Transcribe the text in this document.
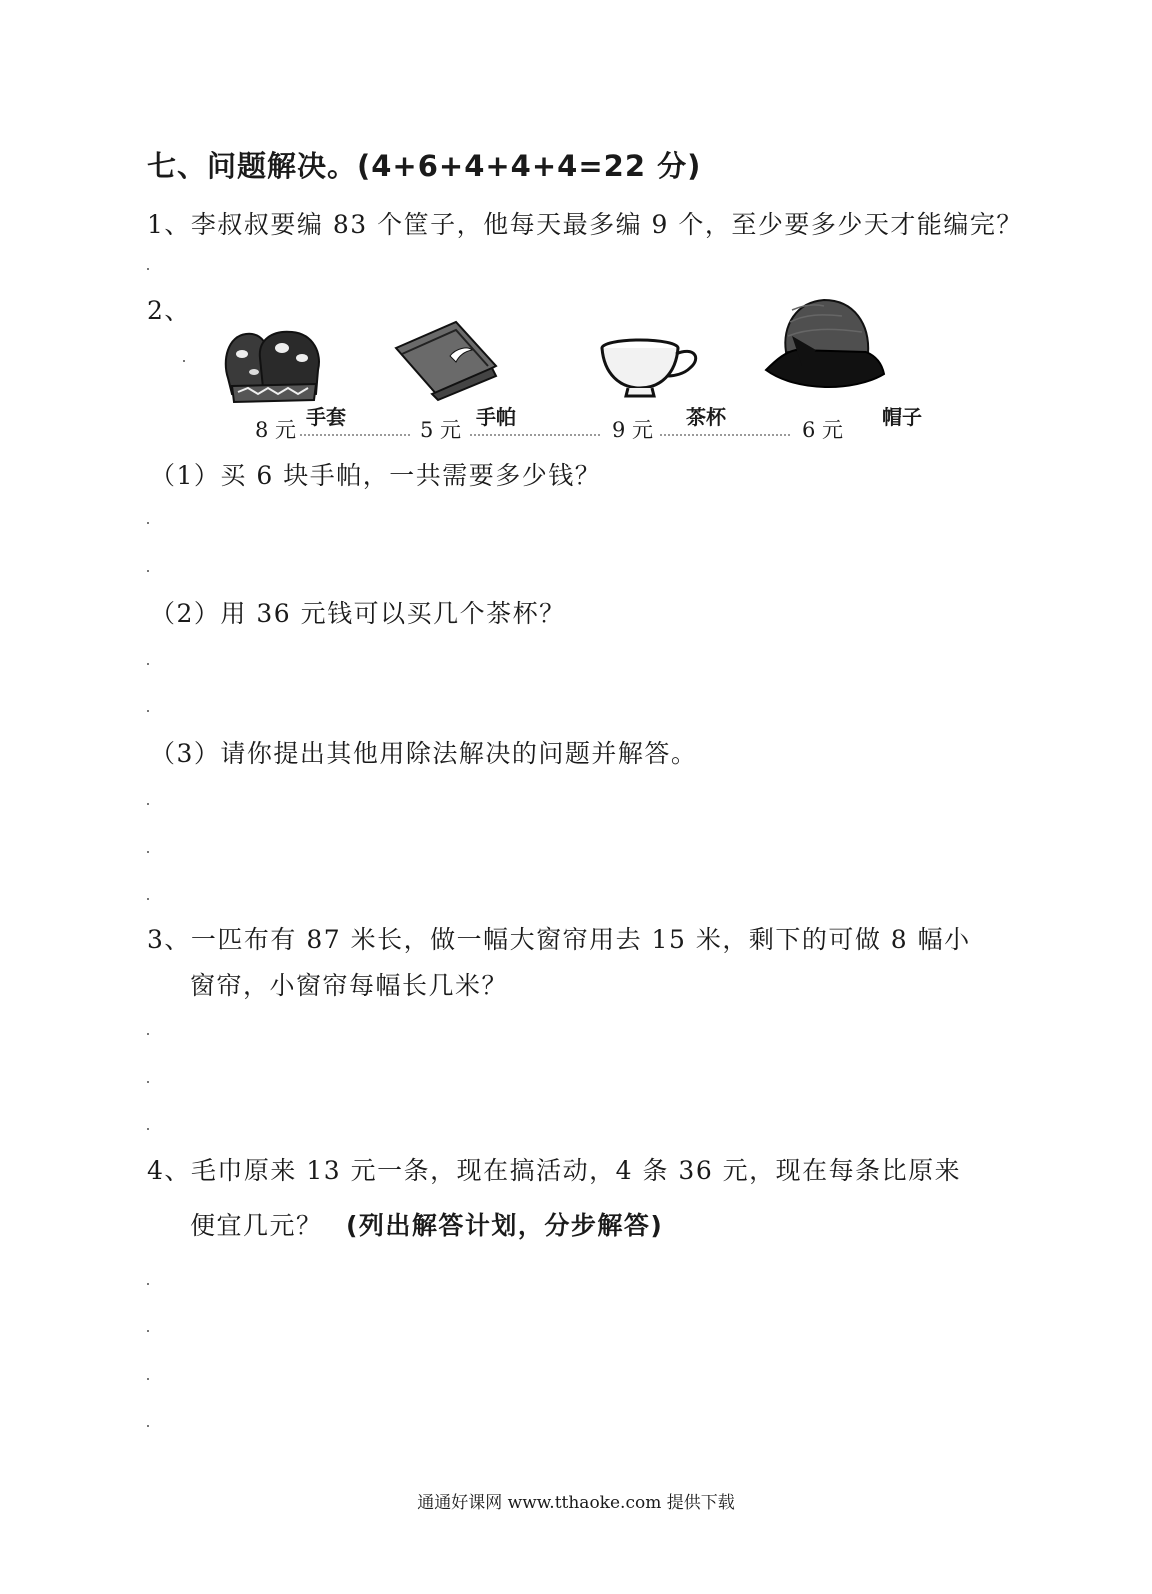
七、问题解决。(4+6+4+4+4=22 分)
1、李叔叔要编 83 个筐子，他每天最多编 9 个，至少要多少天才能编完？
2、
8 元
手套
5 元
手帕
9 元
茶杯
6 元
帽子
（1）买 6 块手帕，一共需要多少钱？
（2）用 36 元钱可以买几个茶杯？
（3）请你提出其他用除法解决的问题并解答。
3、一匹布有 87 米长，做一幅大窗帘用去 15 米，剩下的可做 8 幅小
窗帘，小窗帘每幅长几米？
4、毛巾原来 13 元一条，现在搞活动，4 条 36 元，现在每条比原来
便宜几元？ (列出解答计划，分步解答)
通通好课网 www.tthaoke.com 提供下载
